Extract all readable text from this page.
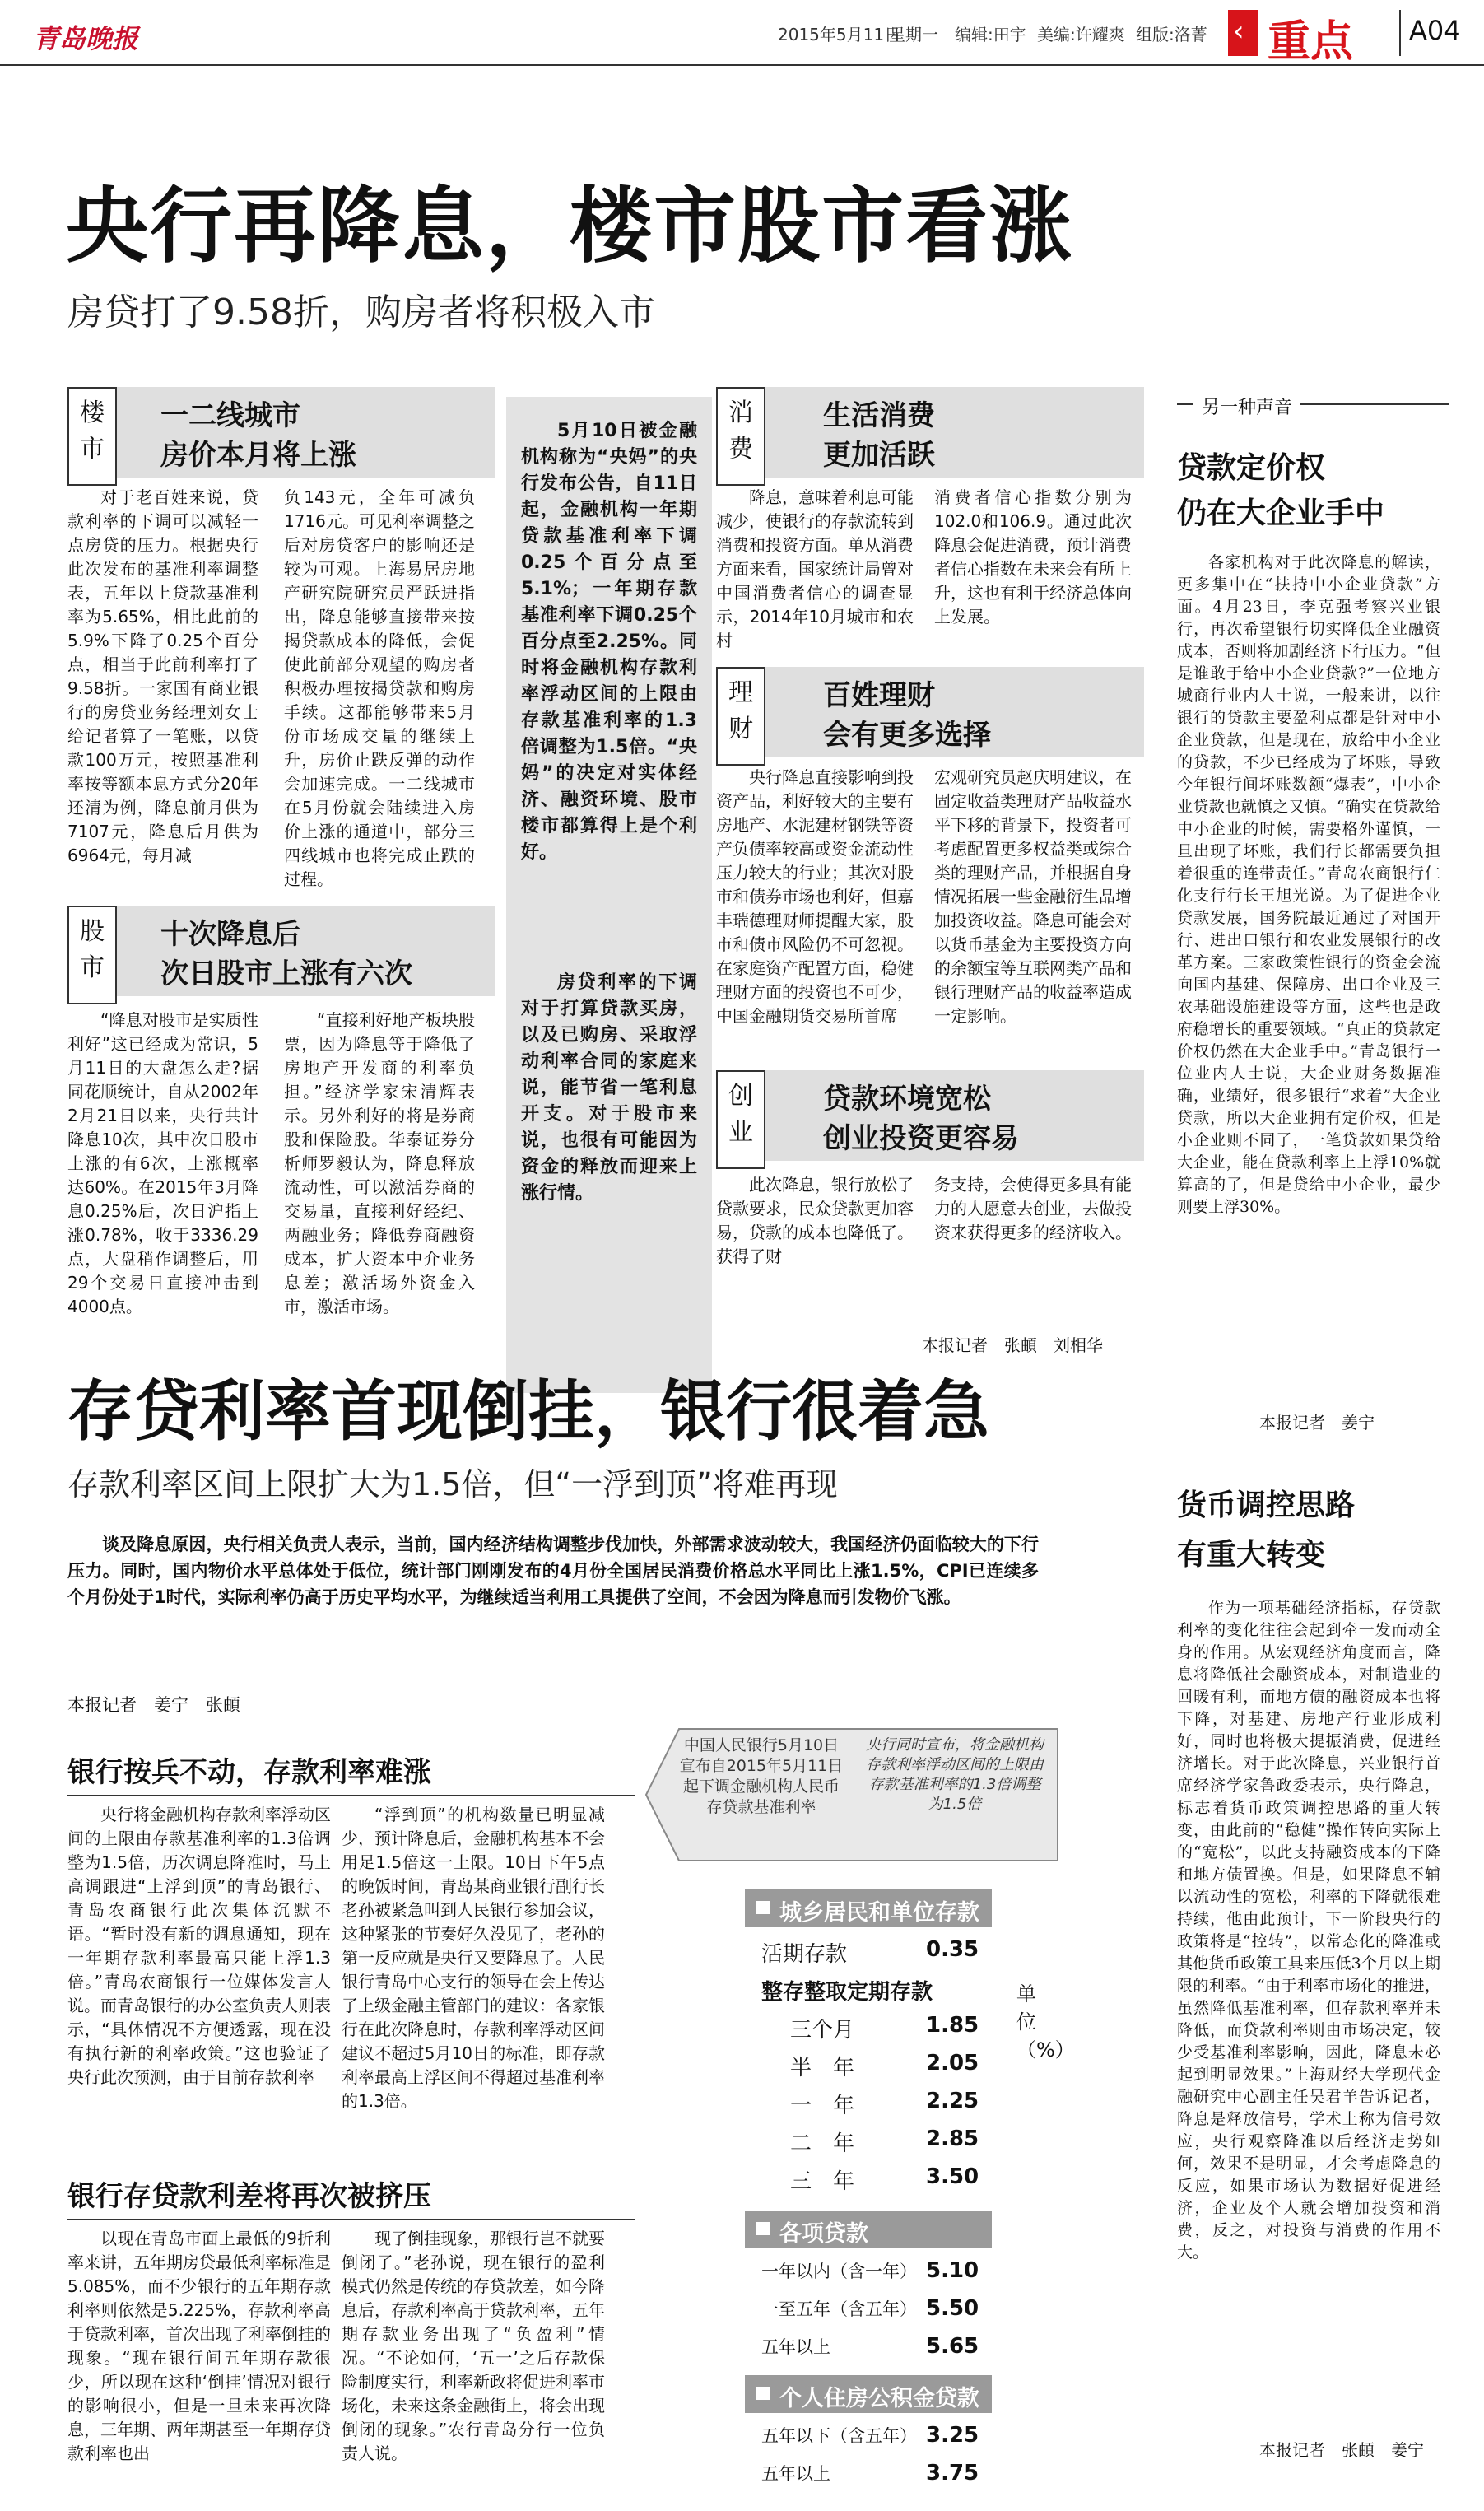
青岛晚报	2015年5月11日
星期一 编辑:田宇 美编:许耀爽 组版:洛菁 ‹ 重点 A04
央行再降息，楼市股市看涨
房贷打了9.58折，购房者将积极入市
楼市
一二线城市
房价本月将上涨
对于老百姓来说，贷款利率的下调可以减轻一点房贷的压力。根据央行此次发布的基准利率调整表，五年以上贷款基准利率为5.65%，相比此前的5.9%下降了0.25个百分点，相当于此前利率打了9.58折。一家国有商业银行的房贷业务经理刘女士给记者算了一笔账，以贷款100万元，按照基准利率按等额本息方式分20年还清为例，降息前月供为7107元，降息后月供为6964元，每月减
负143元，全年可减负1716元。可见利率调整之后对房贷客户的影响还是较为可观。上海易居房地产研究院研究员严跃进指出，降息能够直接带来按揭贷款成本的降低，会促使此前部分观望的购房者积极办理按揭贷款和购房手续。这都能够带来5月份市场成交量的继续上升，房价止跌反弹的动作会加速完成。一二线城市在5月份就会陆续进入房价上涨的通道中，部分三四线城市也将完成止跌的过程。
股市
十次降息后
次日股市上涨有六次
“降息对股市是实质性利好”这已经成为常识，5月11日的大盘怎么走?据同花顺统计，自从2002年2月21日以来，央行共计降息10次，其中次日股市上涨的有6次，上涨概率达60%。在2015年3月降息0.25%后，次日沪指上涨0.78%，收于3336.29点，大盘稍作调整后，用29个交易日直接冲击到4000点。
“直接利好地产板块股票，因为降息等于降低了房地产开发商的利率负担。”经济学家宋清辉表示。另外利好的将是券商股和保险股。华泰证券分析师罗毅认为，降息释放流动性，可以激活券商的交易量，直接利好经纪、两融业务；降低券商融资成本，扩大资本中介业务息差；激活场外资金入市，激活市场。
5月10日被金融机构称为“央妈”的央行发布公告，自11日起，金融机构一年期贷款基准利率下调0.25个百分点至5.1%；一年期存款基准利率下调0.25个百分点至2.25%。同时将金融机构存款利率浮动区间的上限由存款基准利率的1.3倍调整为1.5倍。“央妈”的决定对实体经济、融资环境、股市楼市都算得上是个利好。
房贷利率的下调对于打算贷款买房，以及已购房、采取浮动利率合同的家庭来说，能节省一笔利息开支。对于股市来说，也很有可能因为资金的释放而迎来上涨行情。
消费
生活消费
更加活跃
降息，意味着利息可能减少，使银行的存款流转到消费和投资方面。单从消费方面来看，国家统计局曾对中国消费者信心的调查显示，2014年10月城市和农村
消费者信心指数分别为102.0和106.9。通过此次降息会促进消费，预计消费者信心指数在未来会有所上升，这也有利于经济总体向上发展。
理财
百姓理财
会有更多选择
央行降息直接影响到投资产品，利好较大的主要有房地产、水泥建材钢铁等资产负债率较高或资金流动性压力较大的行业；其次对股市和债券市场也利好，但嘉丰瑞德理财师提醒大家，股市和债市风险仍不可忽视。在家庭资产配置方面，稳健理财方面的投资也不可少，中国金融期货交易所首席
宏观研究员赵庆明建议，在固定收益类理财产品收益水平下移的背景下，投资者可考虑配置更多权益类或综合类的理财产品，并根据自身情况拓展一些金融衍生品增加投资收益。降息可能会对以货币基金为主要投资方向的余额宝等互联网类产品和银行理财产品的收益率造成一定影响。
创业
贷款环境宽松
创业投资更容易
此次降息，银行放松了贷款要求，民众贷款更加容易，贷款的成本也降低了。获得了财
务支持，会使得更多具有能力的人愿意去创业，去做投资来获得更多的经济收入。
本报记者　张頔　刘相华
另一种声音
贷款定价权
仍在大企业手中
各家机构对于此次降息的解读，更多集中在“扶持中小企业贷款”方面。4月23日，李克强考察兴业银行，再次希望银行切实降低企业融资成本，否则将加剧经济下行压力。“但是谁敢于给中小企业贷款?”一位地方城商行业内人士说，一般来讲，以往银行的贷款主要盈利点都是针对中小企业贷款，但是现在，放给中小企业的贷款，不少已经成为了坏账，导致今年银行间坏账数额“爆表”，中小企业贷款也就慎之又慎。“确实在贷款给中小企业的时候，需要格外谨慎，一旦出现了坏账，我们行长都需要负担着很重的连带责任。”青岛农商银行仁化支行行长王旭光说。为了促进企业贷款发展，国务院最近通过了对国开行、进出口银行和农业发展银行的改革方案。三家政策性银行的资金会流向国内基建、保障房、出口企业及三农基础设施建设等方面，这些也是政府稳增长的重要领域。“真正的贷款定价权仍然在大企业手中。”青岛银行一位业内人士说，大企业财务数据准确，业绩好，很多银行“求着”大企业贷款，所以大企业拥有定价权，但是小企业则不同了，一笔贷款如果贷给大企业，能在贷款利率上上浮10%就算高的了，但是贷给中小企业，最少则要上浮30%。
本报记者　姜宁
货币调控思路
有重大转变
作为一项基础经济指标，存贷款利率的变化往往会起到牵一发而动全身的作用。从宏观经济角度而言，降息将降低社会融资成本，对制造业的回暖有利，而地方债的融资成本也将下降，对基建、房地产行业形成利好，同时也将极大提振消费，促进经济增长。对于此次降息，兴业银行首席经济学家鲁政委表示，央行降息，标志着货币政策调控思路的重大转变，由此前的“稳健”操作转向实际上的“宽松”，以此支持融资成本的下降和地方债置换。但是，如果降息不辅以流动性的宽松，利率的下降就很难持续，他由此预计，下一阶段央行的政策将是“控转”，以常态化的降准或其他货币政策工具来压低3个月以上期限的利率。“由于利率市场化的推进，虽然降低基准利率，但存款利率并未降低，而贷款利率则由市场决定，较少受基准利率影响，因此，降息未必起到明显效果。”上海财经大学现代金融研究中心副主任吴君羊告诉记者，降息是释放信号，学术上称为信号效应，央行观察降准以后经济走势如何，效果不是明显，才会考虑降息的反应，如果市场认为数据好促进经济，企业及个人就会增加投资和消费，反之，对投资与消费的作用不大。
本报记者　张頔　姜宁
存贷利率首现倒挂，银行很着急
存款利率区间上限扩大为1.5倍，但“一浮到顶”将难再现
谈及降息原因，央行相关负责人表示，当前，国内经济结构调整步伐加快，外部需求波动较大，我国经济仍面临较大的下行压力。同时，国内物价水平总体处于低位，统计部门刚刚发布的4月份全国居民消费价格总水平同比上涨1.5%，CPI已连续多个月份处于1时代，实际利率仍高于历史平均水平，为继续适当利用工具提供了空间，不会因为降息而引发物价飞涨。
本报记者　姜宁　张頔
银行按兵不动，存款利率难涨
央行将金融机构存款利率浮动区间的上限由存款基准利率的1.3倍调整为1.5倍，历次调息降准时，马上高调跟进“上浮到顶”的青岛银行、青岛农商银行此次集体沉默不语。“暂时没有新的调息通知，现在一年期存款利率最高只能上浮1.3倍。”青岛农商银行一位媒体发言人说。而青岛银行的办公室负责人则表示，“具体情况不方便透露，现在没有执行新的利率政策。”这也验证了央行此次预测，由于目前存款利率
“浮到顶”的机构数量已明显减少，预计降息后，金融机构基本不会用足1.5倍这一上限。10日下午5点的晚饭时间，青岛某商业银行副行长老孙被紧急叫到人民银行参加会议，这种紧张的节奏好久没见了，老孙的第一反应就是央行又要降息了。人民银行青岛中心支行的领导在会上传达了上级金融主管部门的建议：各家银行在此次降息时，存款利率浮动区间建议不超过5月10日的标准，即存款利率最高上浮区间不得超过基准利率的1.3倍。
银行存贷款利差将再次被挤压
以现在青岛市面上最低的9折利率来讲，五年期房贷最低利率标准是5.085%，而不少银行的五年期存款利率则依然是5.225%，存款利率高于贷款利率，首次出现了利率倒挂的现象。“现在银行间五年期存款很少，所以现在这种‘倒挂’情况对银行的影响很小，但是一旦未来再次降息，三年期、两年期甚至一年期存贷款利率也出
现了倒挂现象，那银行岂不就要倒闭了。”老孙说，现在银行的盈利模式仍然是传统的存贷款差，如今降息后，存款利率高于贷款利率，五年期存款业务出现了“负盈利”情况。“不论如何，‘五一’之后存款保险制度实行，利率新政将促进利率市场化，未来这条金融街上，将会出现倒闭的现象。”农行青岛分行一位负责人说。
中国人民银行5月10日宣布自2015年5月11日起下调金融机构人民币存贷款基准利率
央行同时宣布，将金融机构存款利率浮动区间的上限由存款基准利率的1.3倍调整为1.5倍
城乡居民和单位存款
活期存款	0.35
整存整取定期存款
三个月	1.85
半　年	2.05
一　年	2.25
二　年	2.85
三　年	3.50
单位（%）
各项贷款
一年以内（含一年） 5.10
一至五年（含五年） 5.50
五年以上	5.65
个人住房公积金贷款
五年以下（含五年） 3.25
五年以上	3.75
